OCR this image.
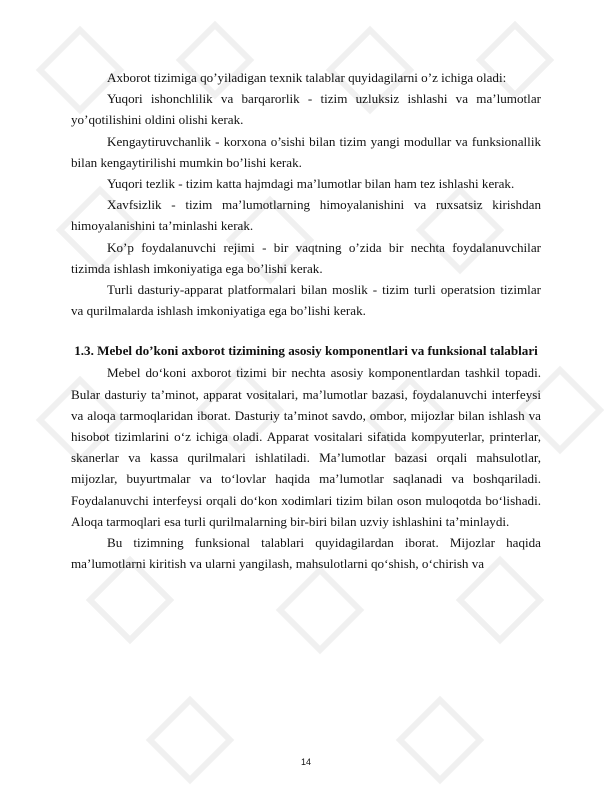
Axborot tizimiga qo’yiladigan texnik talablar quyidagilarni o’z ichiga oladi:

Yuqori ishonchlilik va barqarorlik - tizim uzluksiz ishlashi va ma’lumotlar yo’qotilishini oldini olishi kerak.

Kengaytiruvchanlik - korxona o’sishi bilan tizim yangi modullar va funksionallik bilan kengaytirilishi mumkin bo’lishi kerak.

Yuqori tezlik - tizim katta hajmdagi ma’lumotlar bilan ham tez ishlashi kerak.

Xavfsizlik - tizim ma’lumotlarning himoyalanishini va ruxsatsiz kirishdan himoyalanishini ta’minlashi kerak.

Ko’p foydalanuvchi rejimi - bir vaqtning o’zida bir nechta foydalanuvchilar tizimda ishlash imkoniyatiga ega bo’lishi kerak.

Turli dasturiy-apparat platformalari bilan moslik - tizim turli operatsion tizimlar va qurilmalarda ishlash imkoniyatiga ega bo’lishi kerak.

1.3. Mebel do’koni axborot tizimining asosiy komponentlari va funksional talablari

Mebel do‘koni axborot tizimi bir nechta asosiy komponentlardan tashkil topadi. Bular dasturiy ta’minot, apparat vositalari, ma’lumotlar bazasi, foydalanuvchi interfeysi va aloqa tarmoqlaridan iborat. Dasturiy ta’minot savdo, ombor, mijozlar bilan ishlash va hisobot tizimlarini o‘z ichiga oladi. Apparat vositalari sifatida kompyuterlar, printerlar, skanerlar va kassa qurilmalari ishlatiladi. Ma’lumotlar bazasi orqali mahsulotlar, mijozlar, buyurtmalar va to‘lovlar haqida ma’lumotlar saqlanadi va boshqariladi. Foydalanuvchi interfeysi orqali do‘kon xodimlari tizim bilan oson muloqotda bo‘lishadi. Aloqa tarmoqlari esa turli qurilmalarning bir-biri bilan uzviy ishlashini ta’minlaydi.

Bu tizimning funksional talablari quyidagilardan iborat. Mijozlar haqida ma’lumotlarni kiritish va ularni yangilash, mahsulotlarni qo‘shish, o‘chirish va

14
